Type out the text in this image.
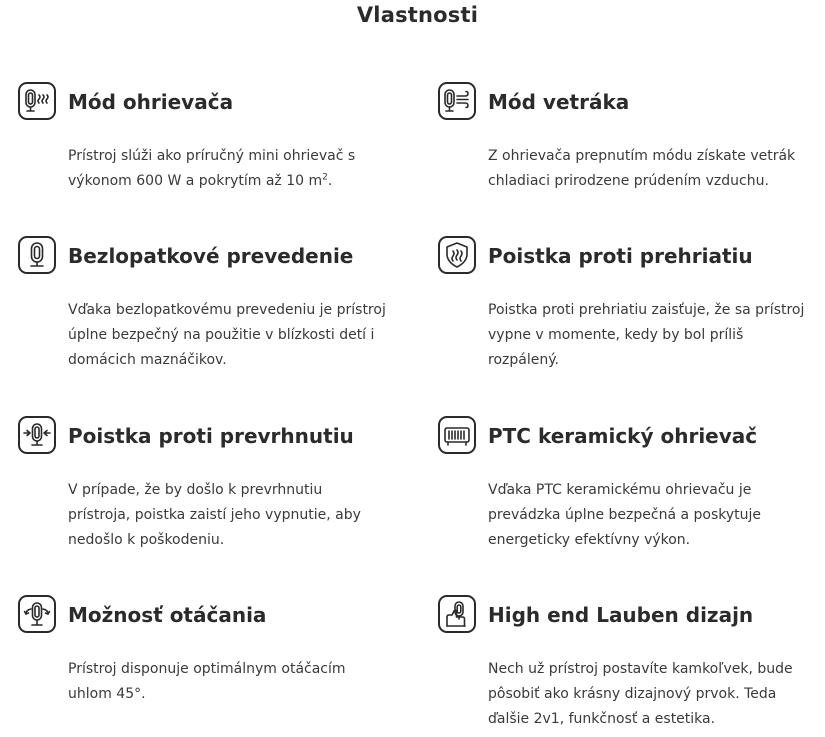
Vlastnosti
Mód ohrievača
Prístroj slúži ako príručný mini ohrievač s výkonom 600 W a pokrytím až 10 $m^2$.
Mód vetráka
Z ohrievača prepnutím módu získate vetrák chladiaci prirodzene prúdením vzduchu.
Bezlopatkové prevedenie
Vďaka bezlopatkovému prevedeniu je prístroj úplne bezpečný na použitie v blízkosti detí i domácich maznáčikov.
Poistka proti prehriatiu
Poistka proti prehriatiu zaisťuje, že sa prístroj vypne v momente, kedy by bol príliš rozpálený.
Poistka proti prevrhnutiu
V prípade, že by došlo k prevrhnutiu prístroja, poistka zaistí jeho vypnutie, aby nedošlo k poškodeniu.
PTC keramický ohrievač
Vďaka PTC keramickému ohrievaču je prevádzka úplne bezpečná a poskytuje energeticky efektívny výkon.
Možnosť otáčania
Prístroj disponuje optimálnym otáčacím uhlom 45°.
High end Lauben dizajn
Nech už prístroj postavíte kamkoľvek, bude pôsobiť ako krásny dizajnový prvok. Teda ďalšie 2v1, funkčnosť a estetika.
